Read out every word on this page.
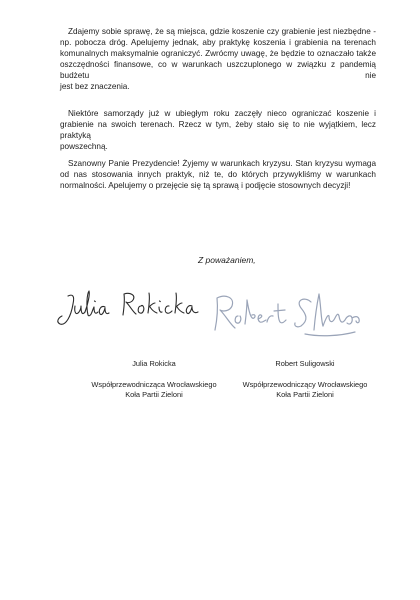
Zdajemy sobie sprawę, że są miejsca, gdzie koszenie czy grabienie jest niezbędne -
np. pobocza dróg. Apelujemy jednak, aby praktykę koszenia i grabienia na terenach
komunalnych maksymalnie ograniczyć. Zwrócmy uwagę, że będzie to oznaczało także
oszczędności finansowe, co w warunkach uszczuplonego w związku z pandemią budżetu nie
jest bez znaczenia.
Niektóre samorządy już w ubiegłym roku zaczęły nieco ograniczać koszenie i
grabienie na swoich terenach. Rzecz w tym, żeby stało się to nie wyjątkiem, lecz praktyką
powszechną.
Szanowny Panie Prezydencie! Żyjemy w warunkach kryzysu. Stan kryzysu wymaga
od nas stosowania innych praktyk, niż te, do których przywykliśmy w warunkach
normalności. Apelujemy o przejęcie się tą sprawą i podjęcie stosownych decyzji!
Z poważaniem,
Julia Rokicka
Współprzewodnicząca Wrocławskiego
Koła Partii Zieloni
Robert Suligowski
Współprzewodniczący Wrocławskiego
Koła Partii Zieloni
